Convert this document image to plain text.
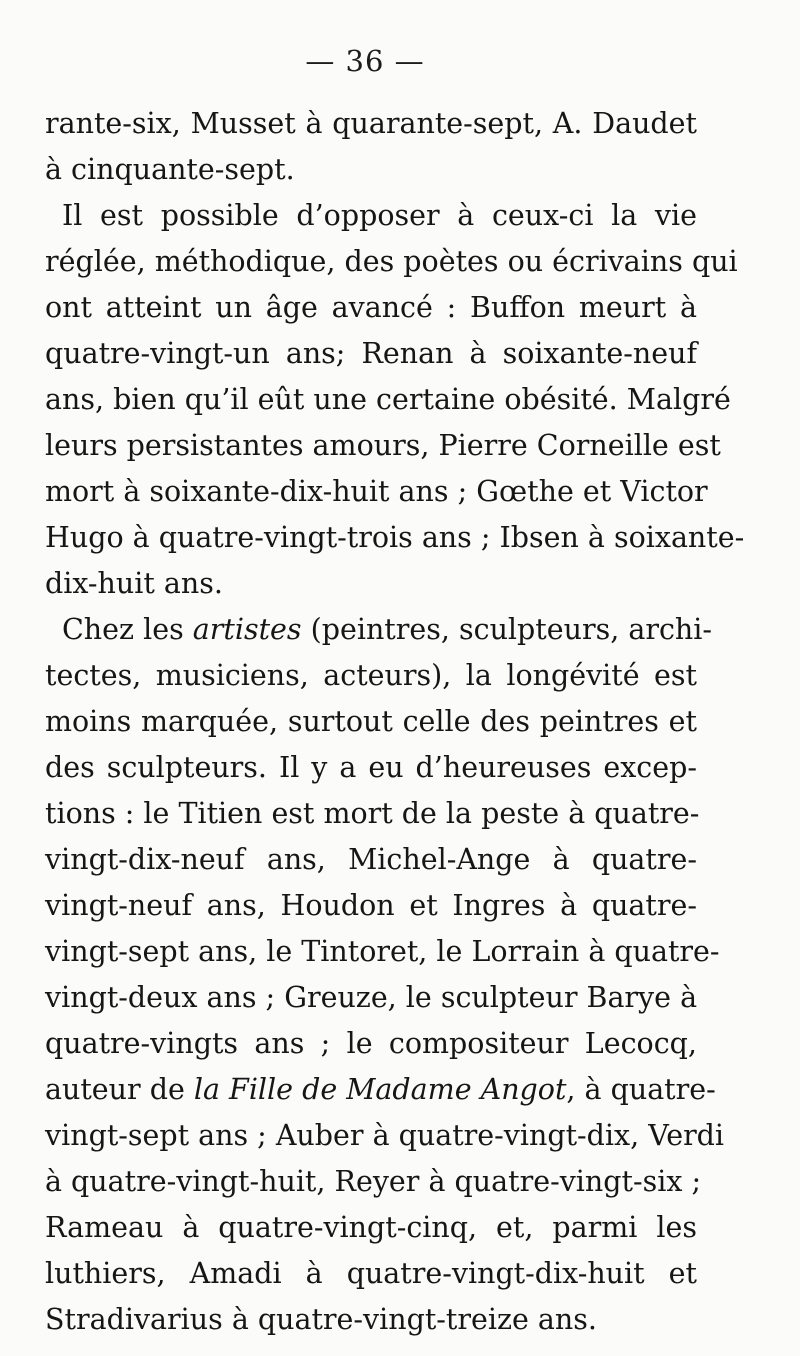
— 36 —
rante-six, Musset à quarante-sept, A. Daudet
à cinquante-sept.
Il est possible d’opposer à ceux-ci la vie
réglée, méthodique, des poètes ou écrivains qui
ont atteint un âge avancé : Buffon meurt à
quatre-vingt-un ans; Renan à soixante-neuf
ans, bien qu’il eût une certaine obésité. Malgré
leurs persistantes amours, Pierre Corneille est
mort à soixante-dix-huit ans ; Gœthe et Victor
Hugo à quatre-vingt-trois ans ; Ibsen à soixante-
dix-huit ans.
Chez les artistes (peintres, sculpteurs, archi-
tectes, musiciens, acteurs), la longévité est
moins marquée, surtout celle des peintres et
des sculpteurs. Il y a eu d’heureuses excep-
tions : le Titien est mort de la peste à quatre-
vingt-dix-neuf ans, Michel-Ange à quatre-
vingt-neuf ans, Houdon et Ingres à quatre-
vingt-sept ans, le Tintoret, le Lorrain à quatre-
vingt-deux ans ; Greuze, le sculpteur Barye à
quatre-vingts ans ; le compositeur Lecocq,
auteur de la Fille de Madame Angot, à quatre-
vingt-sept ans ; Auber à quatre-vingt-dix, Verdi
à quatre-vingt-huit, Reyer à quatre-vingt-six ;
Rameau à quatre-vingt-cinq, et, parmi les
luthiers, Amadi à quatre-vingt-dix-huit et
Stradivarius à quatre-vingt-treize ans.
